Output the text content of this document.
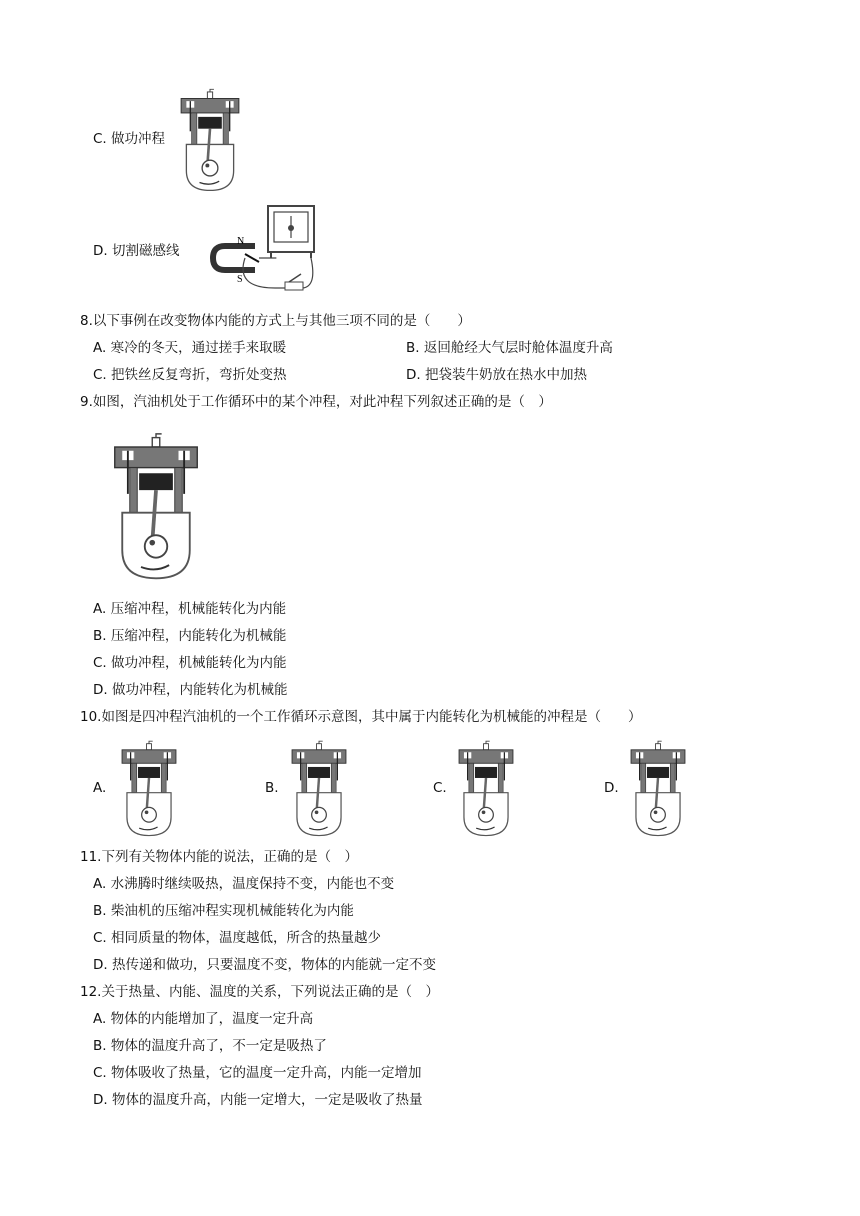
C. 做功冲程
D. 切割磁感线
N
S
8.以下事例在改变物体内能的方式上与其他三项不同的是（　　）
A. 寒冷的冬天，通过搓手来取暖	B. 返回舱经大气层时舱体温度升高
C. 把铁丝反复弯折，弯折处变热	D. 把袋装牛奶放在热水中加热
9.如图，汽油机处于工作循环中的某个冲程，对此冲程下列叙述正确的是（　）
A. 压缩冲程，机械能转化为内能
B. 压缩冲程，内能转化为机械能
C. 做功冲程，机械能转化为内能
D. 做功冲程，内能转化为机械能
10.如图是四冲程汽油机的一个工作循环示意图，其中属于内能转化为机械能的冲程是（　　）
A.	B.	C.	D.
11.下列有关物体内能的说法，正确的是（　）
A. 水沸腾时继续吸热，温度保持不变，内能也不变
B. 柴油机的压缩冲程实现机械能转化为内能
C. 相同质量的物体，温度越低，所含的热量越少
D. 热传递和做功，只要温度不变，物体的内能就一定不变
12.关于热量、内能、温度的关系，下列说法正确的是（　）
A. 物体的内能增加了，温度一定升高
B. 物体的温度升高了，不一定是吸热了
C. 物体吸收了热量，它的温度一定升高，内能一定增加
D. 物体的温度升高，内能一定增大，一定是吸收了热量
